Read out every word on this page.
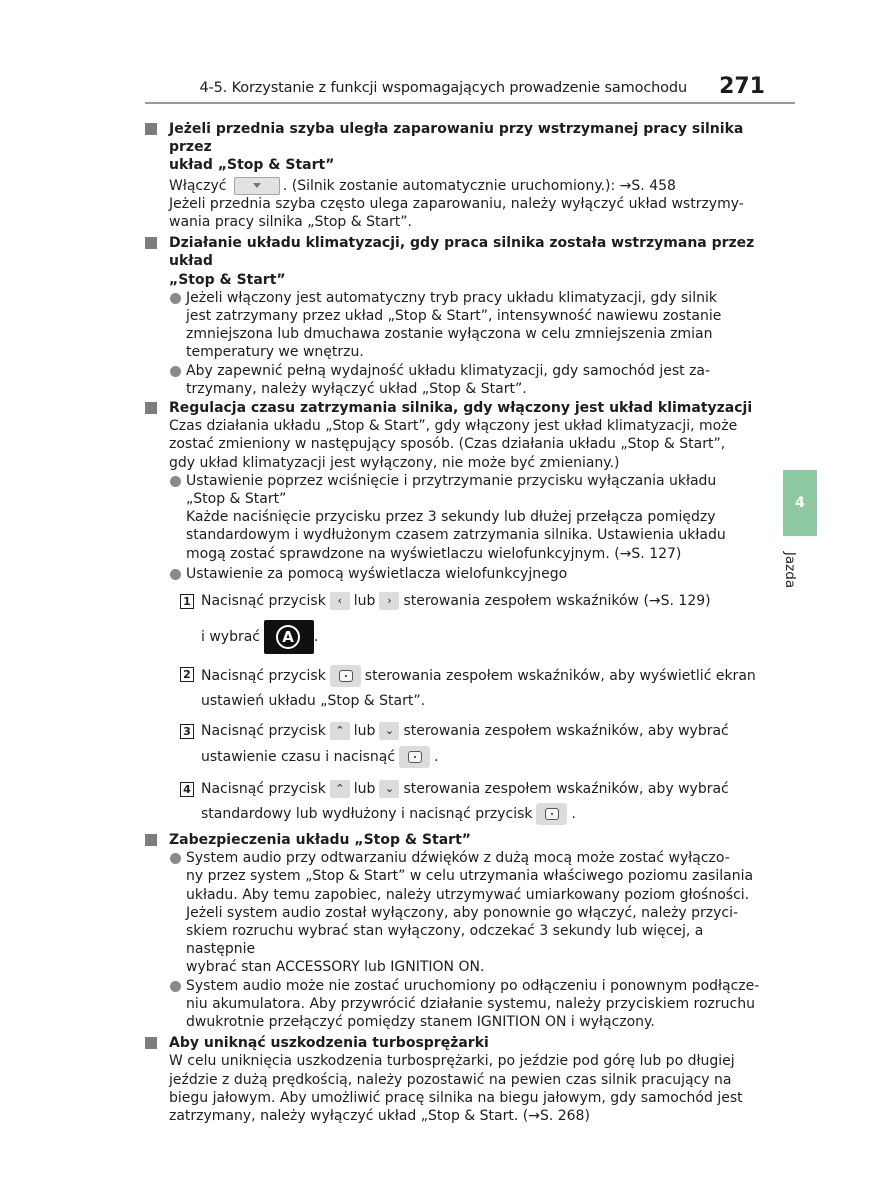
4-5. Korzystanie z funkcji wspomagających prowadzenie samochodu 271
4
Jazda
Jeżeli przednia szyba uległa zaparowaniu przy wstrzymanej pracy silnika przez
układ „Stop & Start”
Włączyć	. (Silnik zostanie automatycznie uruchomiony.): →S. 458
Jeżeli przednia szyba często ulega zaparowaniu, należy wyłączyć układ wstrzymy-
wania pracy silnika „Stop & Start”.
Działanie układu klimatyzacji, gdy praca silnika została wstrzymana przez układ
„Stop & Start”
Jeżeli włączony jest automatyczny tryb pracy układu klimatyzacji, gdy silnik
jest zatrzymany przez układ „Stop & Start”, intensywność nawiewu zostanie
zmniejszona lub dmuchawa zostanie wyłączona w celu zmniejszenia zmian
temperatury we wnętrzu.
Aby zapewnić pełną wydajność układu klimatyzacji, gdy samochód jest za-
trzymany, należy wyłączyć układ „Stop & Start”.
Regulacja czasu zatrzymania silnika, gdy włączony jest układ klimatyzacji
Czas działania układu „Stop & Start”, gdy włączony jest układ klimatyzacji, może
zostać zmieniony w następujący sposób. (Czas działania układu „Stop & Start”,
gdy układ klimatyzacji jest wyłączony, nie może być zmieniany.)
Ustawienie poprzez wciśnięcie i przytrzymanie przycisku wyłączania układu
„Stop & Start”
Każde naciśnięcie przycisku przez 3 sekundy lub dłużej przełącza pomiędzy
standardowym i wydłużonym czasem zatrzymania silnika. Ustawienia układu
mogą zostać sprawdzone na wyświetlaczu wielofunkcyjnym. (→S. 127)
Ustawienie za pomocą wyświetlacza wielofunkcyjnego
1 Nacisnąć przycisk ‹ lub › sterowania zespołem wskaźników (→S. 129)
i wybrać	A	.
2 Nacisnąć przycisk	sterowania zespołem wskaźników, aby wyświetlić ekran
ustawień układu „Stop & Start”.
3 Nacisnąć przycisk ⌃ lub ⌄ sterowania zespołem wskaźników, aby wybrać
ustawienie czasu i nacisnąć	.
4 Nacisnąć przycisk ⌃ lub ⌄ sterowania zespołem wskaźników, aby wybrać
standardowy lub wydłużony i nacisnąć przycisk	.
Zabezpieczenia układu „Stop & Start”
System audio przy odtwarzaniu dźwięków z dużą mocą może zostać wyłączo-
ny przez system „Stop & Start” w celu utrzymania właściwego poziomu zasilania
układu. Aby temu zapobiec, należy utrzymywać umiarkowany poziom głośności.
Jeżeli system audio został wyłączony, aby ponownie go włączyć, należy przyci-
skiem rozruchu wybrać stan wyłączony, odczekać 3 sekundy lub więcej, a następnie
wybrać stan ACCESSORY lub IGNITION ON.
System audio może nie zostać uruchomiony po odłączeniu i ponownym podłącze-
niu akumulatora. Aby przywrócić działanie systemu, należy przyciskiem rozruchu
dwukrotnie przełączyć pomiędzy stanem IGNITION ON i wyłączony.
Aby uniknąć uszkodzenia turbosprężarki
W celu uniknięcia uszkodzenia turbosprężarki, po jeździe pod górę lub po długiej
jeździe z dużą prędkością, należy pozostawić na pewien czas silnik pracujący na
biegu jałowym. Aby umożliwić pracę silnika na biegu jałowym, gdy samochód jest
zatrzymany, należy wyłączyć układ „Stop & Start. (→S. 268)
